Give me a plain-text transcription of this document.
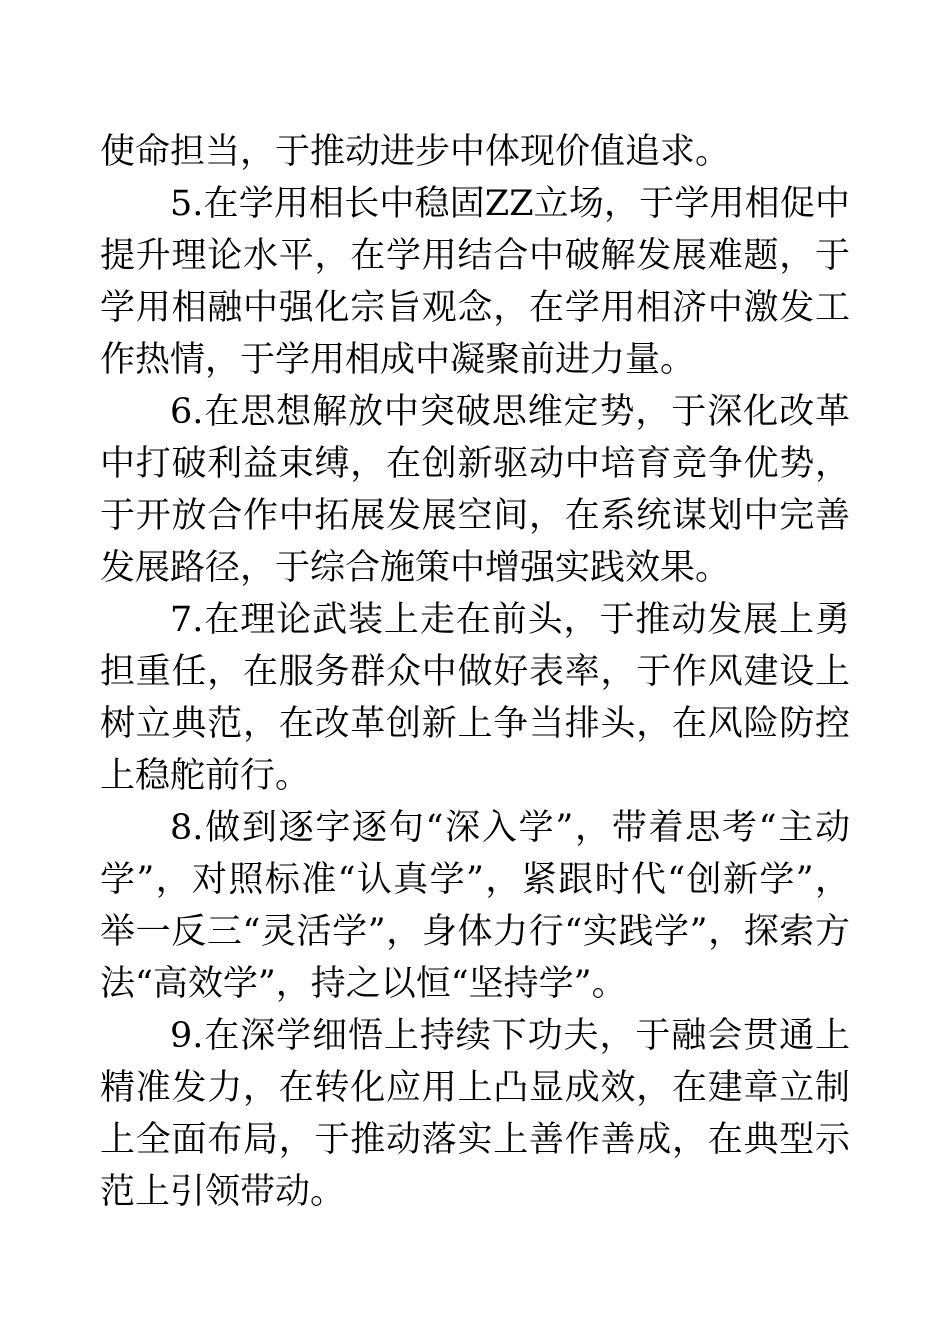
使命担当，于推动进步中体现价值追求。

5.在学用相长中稳固ZZ立场，于学用相促中提升理论水平，在学用结合中破解发展难题，于学用相融中强化宗旨观念，在学用相济中激发工作热情，于学用相成中凝聚前进力量。

6.在思想解放中突破思维定势，于深化改革中打破利益束缚，在创新驱动中培育竞争优势，于开放合作中拓展发展空间，在系统谋划中完善发展路径，于综合施策中增强实践效果。

7.在理论武装上走在前头，于推动发展上勇担重任，在服务群众中做好表率，于作风建设上树立典范，在改革创新上争当排头，在风险防控上稳舵前行。

8.做到逐字逐句“深入学”，带着思考“主动学”，对照标准“认真学”，紧跟时代“创新学”，举一反三“灵活学”，身体力行“实践学”，探索方法“高效学”，持之以恒“坚持学”。

9.在深学细悟上持续下功夫，于融会贯通上精准发力，在转化应用上凸显成效，在建章立制上全面布局，于推动落实上善作善成，在典型示范上引领带动。
